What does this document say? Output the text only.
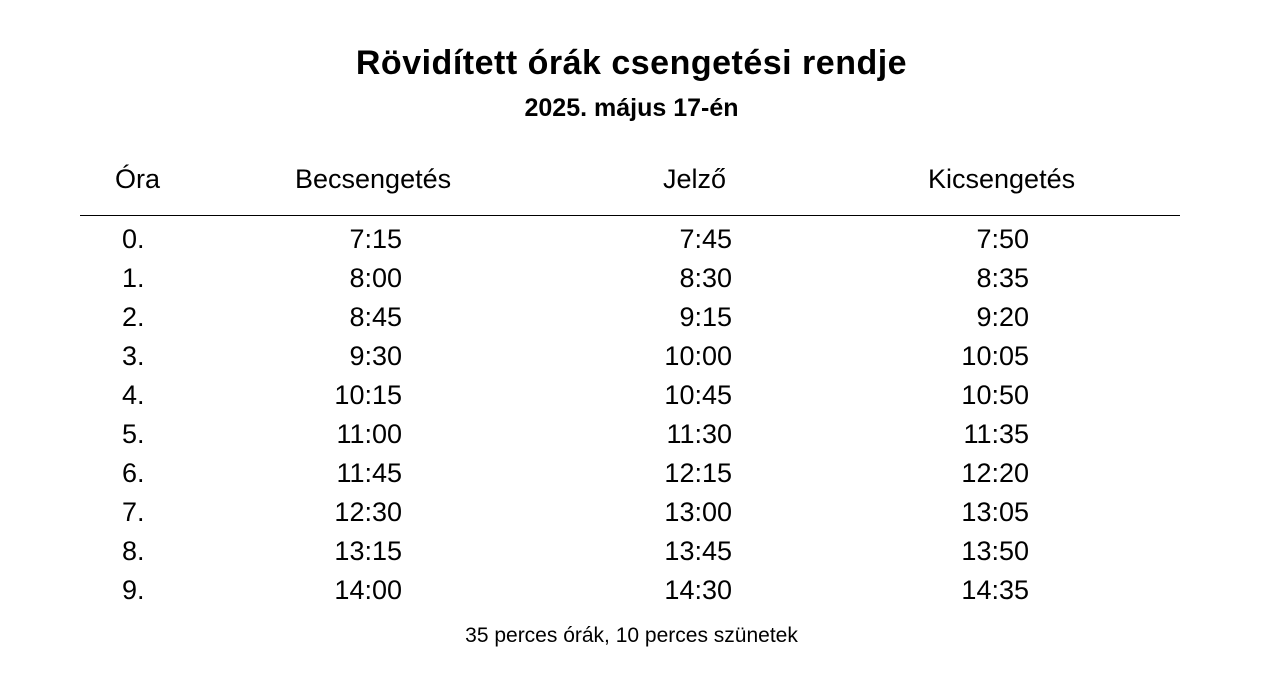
Rövidített órák csengetési rendje
2025. május 17-én
Óra	Becsengetés	Jelző	Kicsengetés
0.	7:15	7:45	7:50
1.	8:00	8:30	8:35
2.	8:45	9:15	9:20
3.	9:30	10:00	10:05
4.	10:15	10:45	10:50
5.	11:00	11:30	11:35
6.	11:45	12:15	12:20
7.	12:30	13:00	13:05
8.	13:15	13:45	13:50
9.	14:00	14:30	14:35
35 perces órák, 10 perces szünetek
